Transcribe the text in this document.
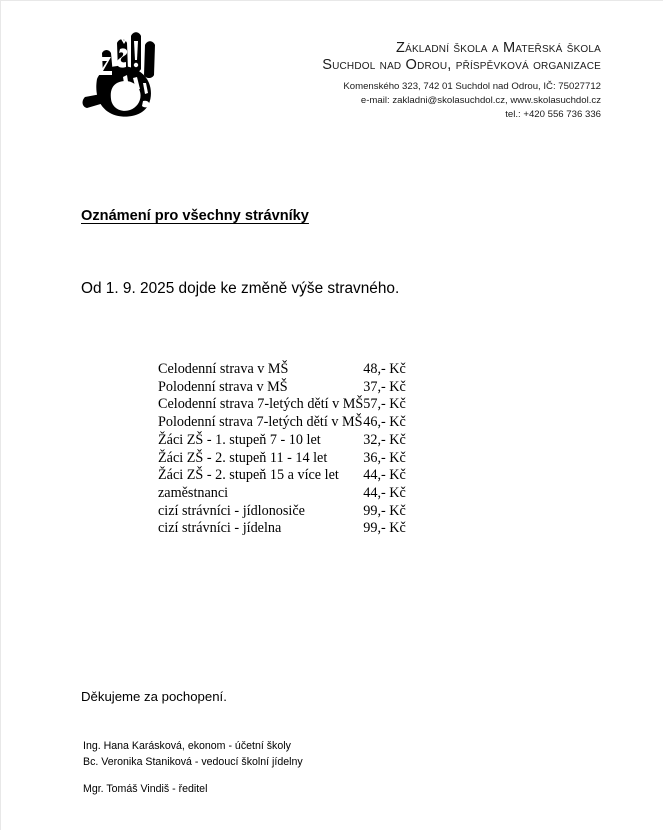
Základní škola a Mateřská škola
Suchdol nad Odrou, příspěvková organizace
Komenského 323, 742 01 Suchdol nad Odrou, IČ: 75027712
e-mail: zakladni@skolasuchdol.cz, www.skolasuchdol.cz
tel.: +420 556 736 336
Oznámení pro všechny strávníky
Od 1. 9. 2025 dojde ke změně výše stravného.
Celodenní strava v MŠ	48,- Kč
Polodenní strava v MŠ	37,- Kč
Celodenní strava 7-letých dětí v MŠ	57,- Kč
Polodenní strava 7-letých dětí v MŠ	46,- Kč
Žáci ZŠ - 1. stupeň 7 - 10 let	32,- Kč
Žáci ZŠ - 2. stupeň 11 - 14 let	36,- Kč
Žáci ZŠ - 2. stupeň 15 a více let	44,- Kč
zaměstnanci	44,- Kč
cizí strávníci - jídlonosiče	99,- Kč
cizí strávníci - jídelna	99,- Kč
Děkujeme za pochopení.
Ing. Hana Karásková, ekonom - účetní školy
Bc. Veronika Staniková - vedoucí školní jídelny
Mgr. Tomáš Vindiš - ředitel
